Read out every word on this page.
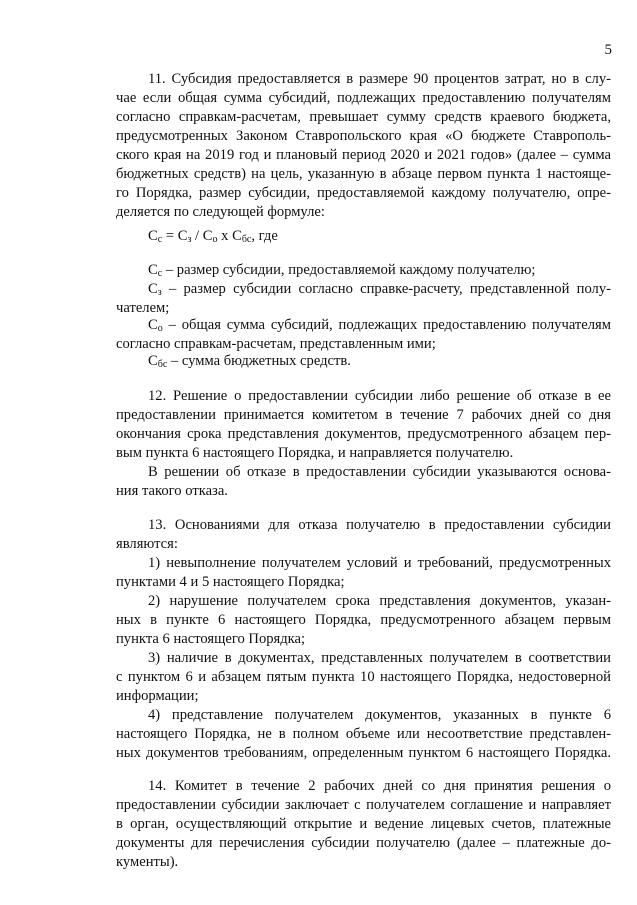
5
11. Субсидия предоставляется в размере 90 процентов затрат, но в слу-
чае если общая сумма субсидий, подлежащих предоставлению получателям
согласно справкам-расчетам, превышает сумму средств краевого бюджета,
предусмотренных Законом Ставропольского края «О бюджете Ставрополь-
ского края на 2019 год и плановый период 2020 и 2021 годов» (далее – сумма
бюджетных средств) на цель, указанную в абзаце первом пункта 1 настояще-
го Порядка, размер субсидии, предоставляемой каждому получателю, опре-
деляется по следующей формуле:
$С_с = С_з / С_о$ х $С_{бс}$, где
$С_с$ – размер субсидии, предоставляемой каждому получателю;
$С_з$ – размер субсидии согласно справке-расчету, представленной полу-
чателем;
$С_о$ – общая сумма субсидий, подлежащих предоставлению получателям
согласно справкам-расчетам, представленным ими;
$С_{бс}$ – сумма бюджетных средств.
12. Решение о предоставлении субсидии либо решение об отказе в ее
предоставлении принимается комитетом в течение 7 рабочих дней со дня
окончания срока представления документов, предусмотренного абзацем пер-
вым пункта 6 настоящего Порядка, и направляется получателю.
В решении об отказе в предоставлении субсидии указываются основа-
ния такого отказа.
13. Основаниями для отказа получателю в предоставлении субсидии
являются:
1) невыполнение получателем условий и требований, предусмотренных
пунктами 4 и 5 настоящего Порядка;
2) нарушение получателем срока представления документов, указан-
ных в пункте 6 настоящего Порядка, предусмотренного абзацем первым
пункта 6 настоящего Порядка;
3) наличие в документах, представленных получателем в соответствии
с пунктом 6 и абзацем пятым пункта 10 настоящего Порядка, недостоверной
информации;
4) представление получателем документов, указанных в пункте 6
настоящего Порядка, не в полном объеме или несоответствие представлен-
ных документов требованиям, определенным пунктом 6 настоящего Порядка.
14. Комитет в течение 2 рабочих дней со дня принятия решения о
предоставлении субсидии заключает с получателем соглашение и направляет
в орган, осуществляющий открытие и ведение лицевых счетов, платежные
документы для перечисления субсидии получателю (далее – платежные до-
кументы).
